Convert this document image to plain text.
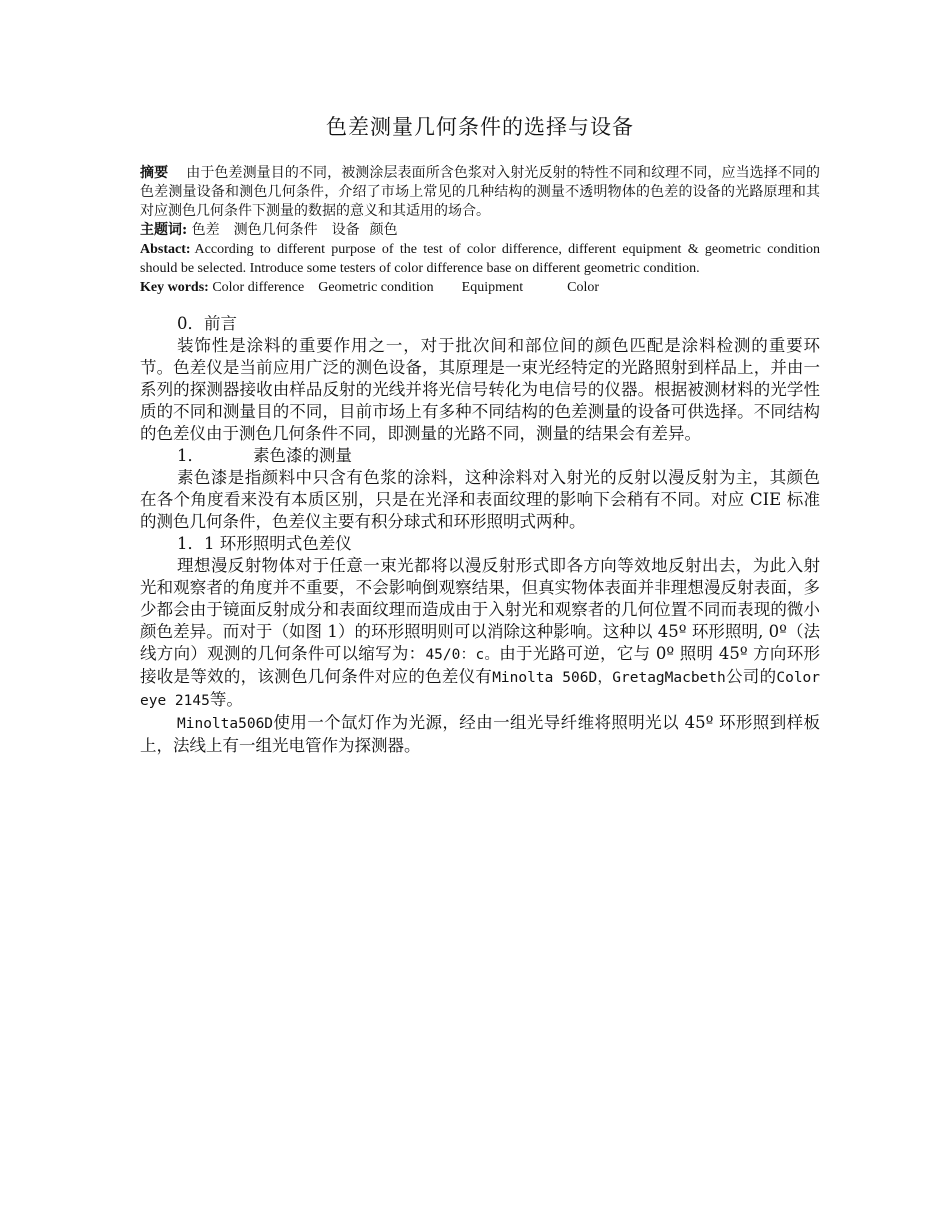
色差测量几何条件的选择与设备

摘要 由于色差测量目的不同，被测涂层表面所含色浆对入射光反射的特性不同和纹理不同，应当选择不同的色差测量设备和测色几何条件，介绍了市场上常见的几种结构的测量不透明物体的色差的设备的光路原理和其对应测色几何条件下测量的数据的意义和其适用的场合。

主题词: 色差 测色几何条件 设备 颜色

Abstact: According to different purpose of the test of color difference, different equipment & geometric condition should be selected. Introduce some testers of color difference base on different geometric condition.

Key words: Color difference Geometric condition Equipment	Color

0．前言

装饰性是涂料的重要作用之一，对于批次间和部位间的颜色匹配是涂料检测的重要环节。色差仪是当前应用广泛的测色设备，其原理是一束光经特定的光路照射到样品上，并由一系列的探测器接收由样品反射的光线并将光信号转化为电信号的仪器。根据被测材料的光学性质的不同和测量目的不同，目前市场上有多种不同结构的色差测量的设备可供选择。不同结构的色差仪由于测色几何条件不同，即测量的光路不同，测量的结果会有差异。

1．	素色漆的测量

素色漆是指颜料中只含有色浆的涂料，这种涂料对入射光的反射以漫反射为主，其颜色在各个角度看来没有本质区别，只是在光泽和表面纹理的影响下会稍有不同。对应 CIE 标准的测色几何条件，色差仪主要有积分球式和环形照明式两种。

1．1 环形照明式色差仪

理想漫反射物体对于任意一束光都将以漫反射形式即各方向等效地反射出去，为此入射光和观察者的角度并不重要，不会影响倒观察结果，但真实物体表面并非理想漫反射表面，多少都会由于镜面反射成分和表面纹理而造成由于入射光和观察者的几何位置不同而表现的微小颜色差异。而对于（如图 1）的环形照明则可以消除这种影响。这种以 45º 环形照明, 0º（法线方向）观测的几何条件可以缩写为：45/0：c。由于光路可逆，它与 0º 照明 45º 方向环形接收是等效的，该测色几何条件对应的色差仪有Minolta 506D，GretagMacbeth公司的Color eye 2145等。

Minolta506D使用一个氙灯作为光源，经由一组光导纤维将照明光以 45º 环形照到样板上，法线上有一组光电管作为探测器。
